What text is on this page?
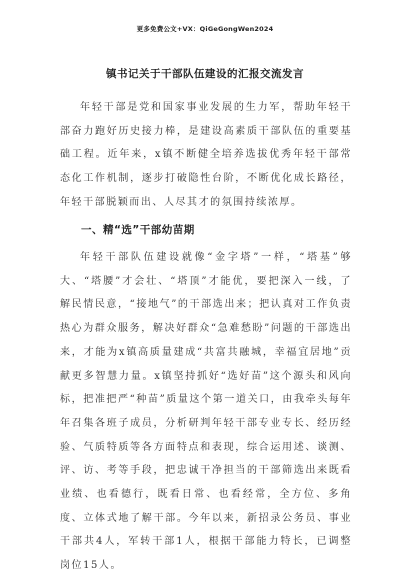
更多免费公文+VX：QiGeGongWen2024
镇书记关于干部队伍建设的汇报交流发言
年轻干部是党和国家事业发展的生力军，帮助年轻干部奋力跑好历史接力棒，是建设高素质干部队伍的重要基础工程。近年来，x镇不断健全培养选拔优秀年轻干部常态化工作机制，逐步打破隐性台阶，不断优化成长路径，年轻干部脱颖而出、人尽其才的氛围持续浓厚。
一、精“选”干部幼苗期
年轻干部队伍建设就像“金字塔”一样，“塔基”够大、“塔腰”才会壮、“塔顶”才能优，要把深入一线，了解民情民意，“接地气”的干部选出来；把认真对工作负责热心为群众服务，解决好群众“急难愁盼”问题的干部选出来，才能为x镇高质量建成“共富共融城，幸福宜居地”贡献更多智慧力量。x镇坚持抓好“选好苗”这个源头和风向标，把准把严“种苗”质量这个第一道关口，由我牵头每年年召集各班子成员，分析研判年轻干部专业专长、经历经验、气质特质等各方面特点和表现，综合运用述、谈测、评、访、考等手段，把忠诚干净担当的干部筛选出来既看业绩、也看德行，既看日常、也看经常，全方位、多角度、立体式地了解干部。今年以来，新招录公务员、事业干部共4人，军转干部1人，根据干部能力特长，已调整岗位15人。
